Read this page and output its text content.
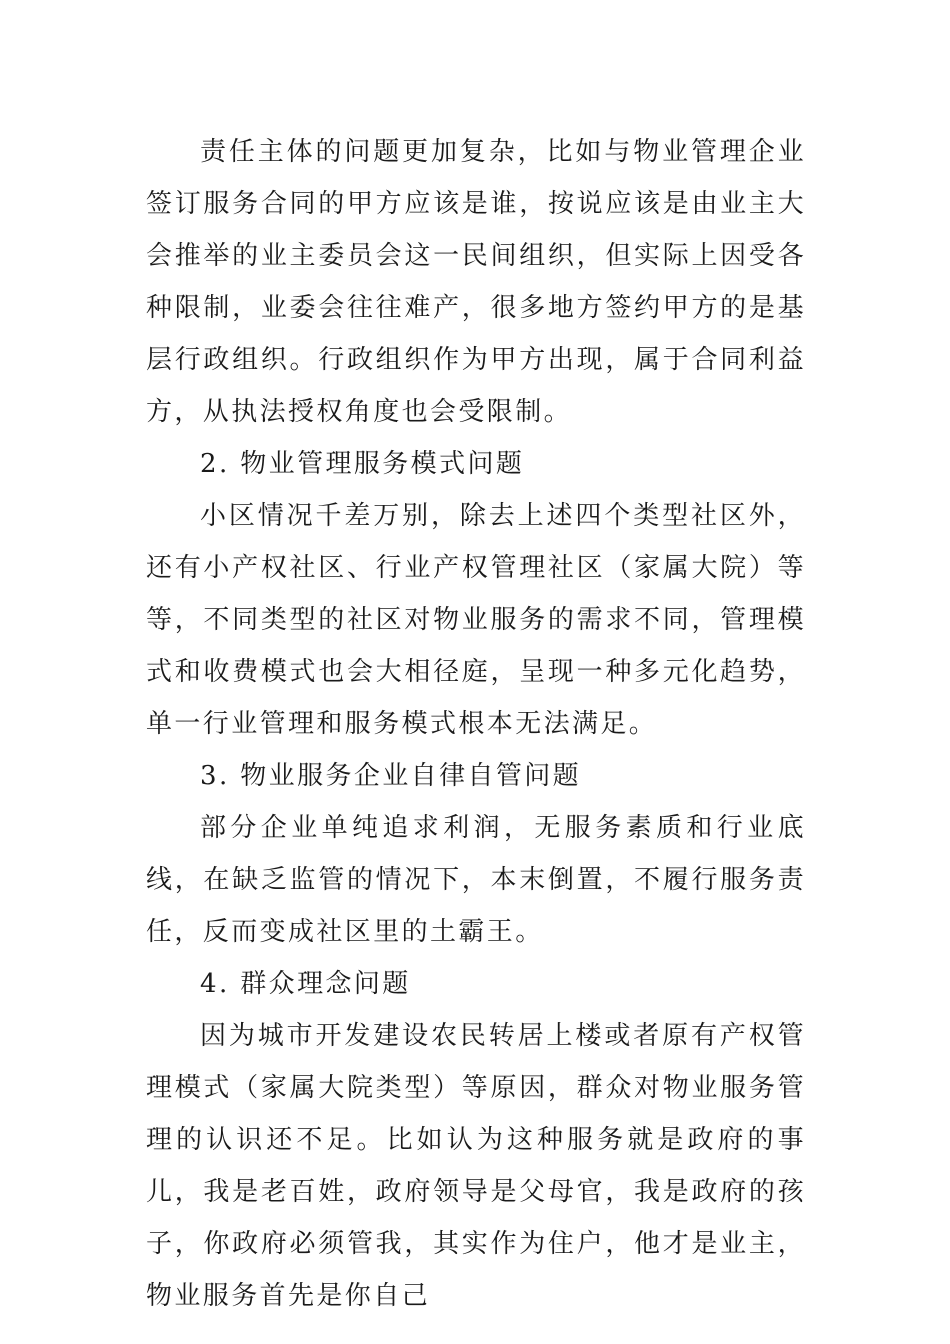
责任主体的问题更加复杂，比如与物业管理企业签订服务合同的甲方应该是谁，按说应该是由业主大会推举的业主委员会这一民间组织，但实际上因受各种限制，业委会往往难产，很多地方签约甲方的是基层行政组织。行政组织作为甲方出现，属于合同利益方，从执法授权角度也会受限制。

2. 物业管理服务模式问题

小区情况千差万别，除去上述四个类型社区外，还有小产权社区、行业产权管理社区（家属大院）等等，不同类型的社区对物业服务的需求不同，管理模式和收费模式也会大相径庭，呈现一种多元化趋势，单一行业管理和服务模式根本无法满足。

3. 物业服务企业自律自管问题

部分企业单纯追求利润，无服务素质和行业底线，在缺乏监管的情况下，本末倒置，不履行服务责任，反而变成社区里的土霸王。

4. 群众理念问题

因为城市开发建设农民转居上楼或者原有产权管理模式（家属大院类型）等原因，群众对物业服务管理的认识还不足。比如认为这种服务就是政府的事儿，我是老百姓，政府领导是父母官，我是政府的孩子，你政府必须管我，其实作为住户，他才是业主，物业服务首先是你自己
